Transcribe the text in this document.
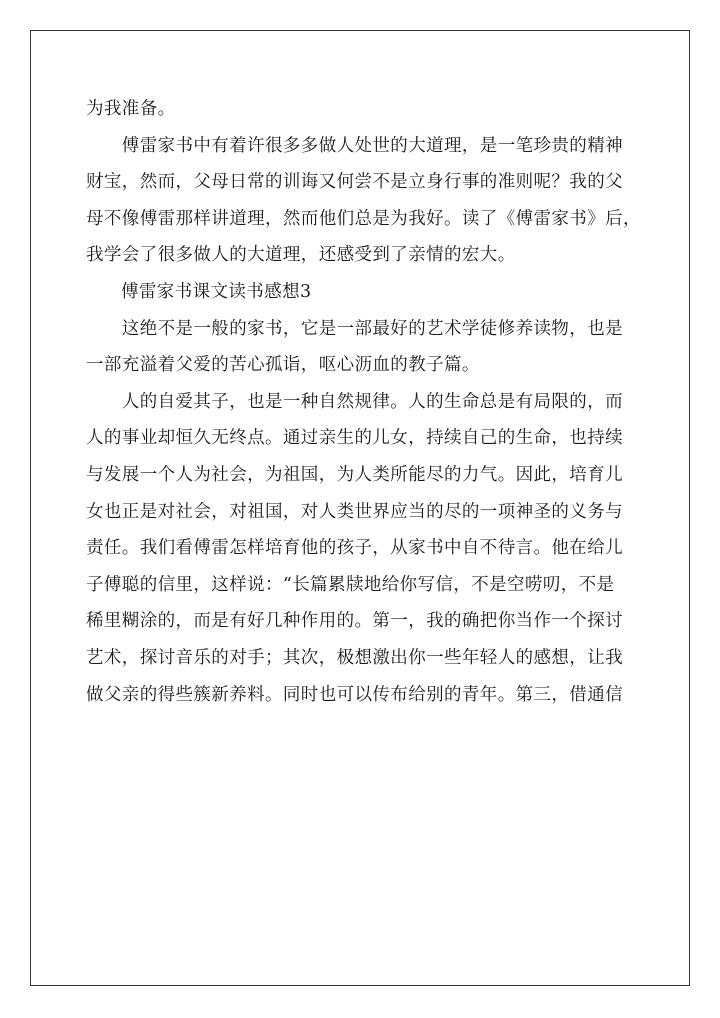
为我准备。

　　傅雷家书中有着许很多多做人处世的大道理，是一笔珍贵的精神

财宝，然而，父母日常的训诲又何尝不是立身行事的准则呢？我的父

母不像傅雷那样讲道理，然而他们总是为我好。读了《傅雷家书》后，

我学会了很多做人的大道理，还感受到了亲情的宏大。

傅雷家书课文读书感想3

　　这绝不是一般的家书，它是一部最好的艺术学徒修养读物，也是

一部充溢着父爱的苦心孤诣，呕心沥血的教子篇。

　　人的自爱其子，也是一种自然规律。人的生命总是有局限的，而

人的事业却恒久无终点。通过亲生的儿女，持续自己的生命，也持续

与发展一个人为社会，为祖国，为人类所能尽的力气。因此，培育儿

女也正是对社会，对祖国，对人类世界应当的尽的一项神圣的义务与

责任。我们看傅雷怎样培育他的孩子，从家书中自不待言。他在给儿

子傅聪的信里，这样说：“长篇累牍地给你写信，不是空唠叨，不是

稀里糊涂的，而是有好几种作用的。第一，我的确把你当作一个探讨

艺术，探讨音乐的对手；其次，极想激出你一些年轻人的感想，让我

做父亲的得些簇新养料。同时也可以传布给别的青年。第三，借通信
